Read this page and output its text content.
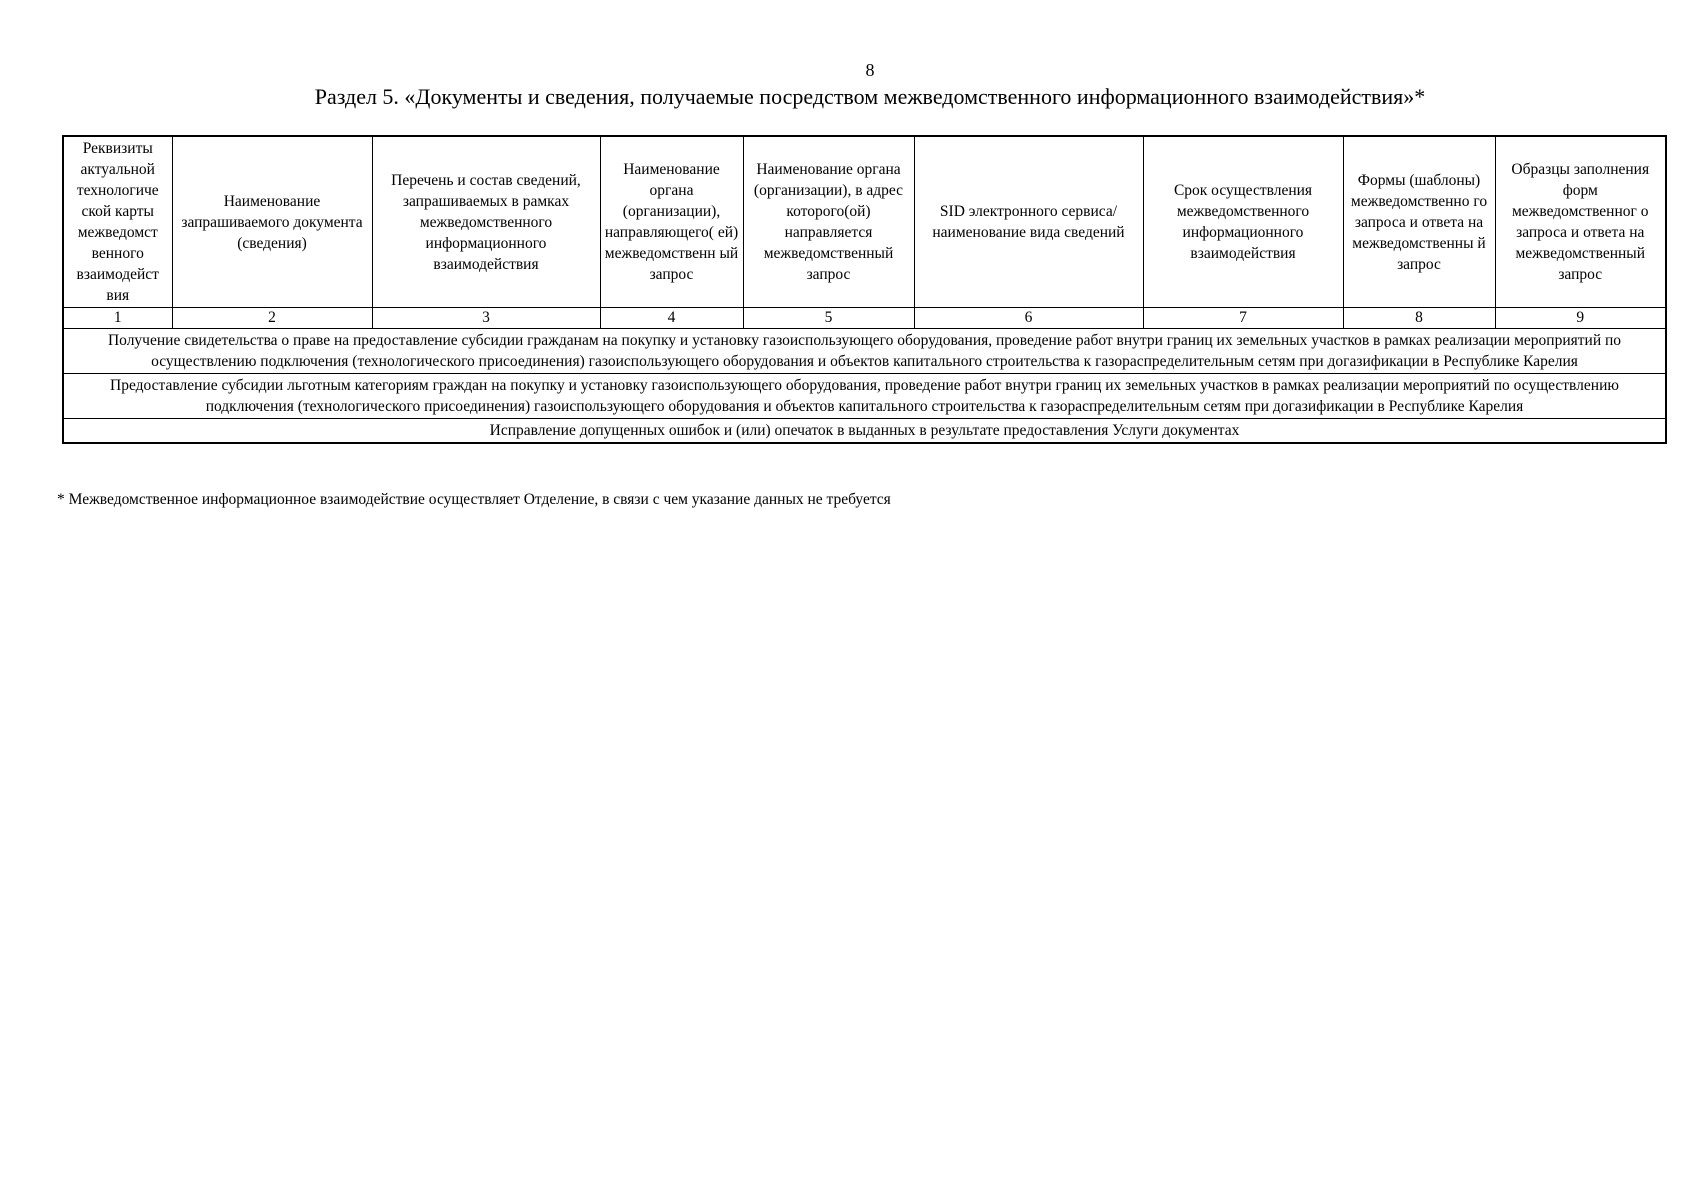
8
Раздел 5. «Документы и сведения, получаемые посредством межведомственного информационного взаимодействия»*
Реквизиты актуальной технологиче ской карты межведомст венного взаимодейст вия	Наименование запрашиваемого документа (сведения)	Перечень и состав сведений, запрашиваемых в рамках межведомственного информационного взаимодействия	Наименование органа (организации), направляющего( ей) межведомственн ый запрос	Наименование органа (организации), в адрес которого(ой) направляется межведомственный запрос	SID электронного сервиса/ наименование вида сведений	Срок осуществления межведомственного информационного взаимодействия	Формы (шаблоны) межведомственно го запроса и ответа на межведомственны й запрос	Образцы заполнения форм межведомственног о запроса и ответа на межведомственный запрос
1	2	3	4	5	6	7	8	9
Получение свидетельства о праве на предоставление субсидии гражданам на покупку и установку газоиспользующего оборудования, проведение работ внутри границ их земельных участков в рамках реализации мероприятий по осуществлению подключения (технологического присоединения) газоиспользующего оборудования и объектов капитального строительства к газораспределительным сетям при догазификации в Республике Карелия								
Предоставление субсидии льготным категориям граждан на покупку и установку газоиспользующего оборудования, проведение работ внутри границ их земельных участков в рамках реализации мероприятий по осуществлению подключения (технологического присоединения) газоиспользующего оборудования и объектов капитального строительства к газораспределительным сетям при догазификации в Республике Карелия								
Исправление допущенных ошибок и (или) опечаток в выданных в результате предоставления Услуги документах								
* Межведомственное информационное взаимодействие осуществляет Отделение, в связи с чем указание данных не требуется
